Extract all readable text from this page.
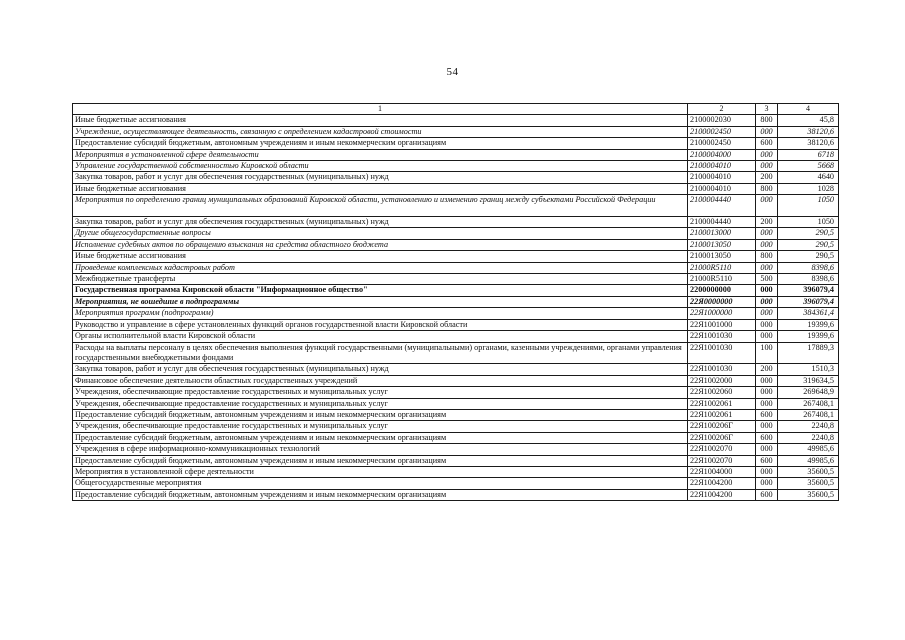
54
1	2	3	4
Иные бюджетные ассигнования	2100002030	800	45,8
Учреждение, осуществляющее деятельность, связанную с определением кадастровой стоимости	2100002450	000	38120,6
Предоставление субсидий бюджетным, автономным учреждениям и иным некоммерческим организациям	2100002450	600	38120,6
Мероприятия в установленной сфере деятельности	2100004000	000	6718
Управление государственной собственностью Кировской области	2100004010	000	5668
Закупка товаров, работ и услуг для обеспечения государственных (муниципальных) нужд	2100004010	200	4640
Иные бюджетные ассигнования	2100004010	800	1028
Мероприятия по определению границ муниципальных образований Кировской области, установлению и изменению границ между субъектами Российской Федерации	2100004440	000	1050
Закупка товаров, работ и услуг для обеспечения государственных (муниципальных) нужд	2100004440	200	1050
Другие общегосударственные вопросы	2100013000	000	290,5
Исполнение судебных актов по обращению взыскания на средства областного бюджета	2100013050	000	290,5
Иные бюджетные ассигнования	2100013050	800	290,5
Проведение комплексных кадастровых работ	21000R5110	000	8398,6
Межбюджетные трансферты	21000R5110	500	8398,6
Государственная программа Кировской области "Информационное общество"	2200000000	000	396079,4
Мероприятия, не вошедшие в подпрограммы	22Я0000000	000	396079,4
Мероприятия программ (подпрограмм)	22Я1000000	000	384361,4
Руководство и управление в сфере установленных функций органов государственной власти Кировской области	22Я1001000	000	19399,6
Органы исполнительной власти Кировской области	22Я1001030	000	19399,6
Расходы на выплаты персоналу в целях обеспечения выполнения функций государственными (муниципальными) органами, казенными учреждениями, органами управления государственными внебюджетными фондами	22Я1001030	100	17889,3
Закупка товаров, работ и услуг для обеспечения государственных (муниципальных) нужд	22Я1001030	200	1510,3
Финансовое обеспечение деятельности областных государственных учреждений	22Я1002000	000	319634,5
Учреждения, обеспечивающие предоставление государственных и муниципальных услуг	22Я1002060	000	269648,9
Учреждения, обеспечивающие предоставление государственных и муниципальных услуг	22Я1002061	000	267408,1
Предоставление субсидий бюджетным, автономным учреждениям и иным некоммерческим организациям	22Я1002061	600	267408,1
Учреждения, обеспечивающие предоставление государственных и муниципальных услуг	22Я100206Г	000	2240,8
Предоставление субсидий бюджетным, автономным учреждениям и иным некоммерческим организациям	22Я100206Г	600	2240,8
Учреждения в сфере информационно-коммуникационных технологий	22Я1002070	000	49985,6
Предоставление субсидий бюджетным, автономным учреждениям и иным некоммерческим организациям	22Я1002070	600	49985,6
Мероприятия в установленной сфере деятельности	22Я1004000	000	35600,5
Общегосударственные мероприятия	22Я1004200	000	35600,5
Предоставление субсидий бюджетным, автономным учреждениям и иным некоммерческим организациям	22Я1004200	600	35600,5
